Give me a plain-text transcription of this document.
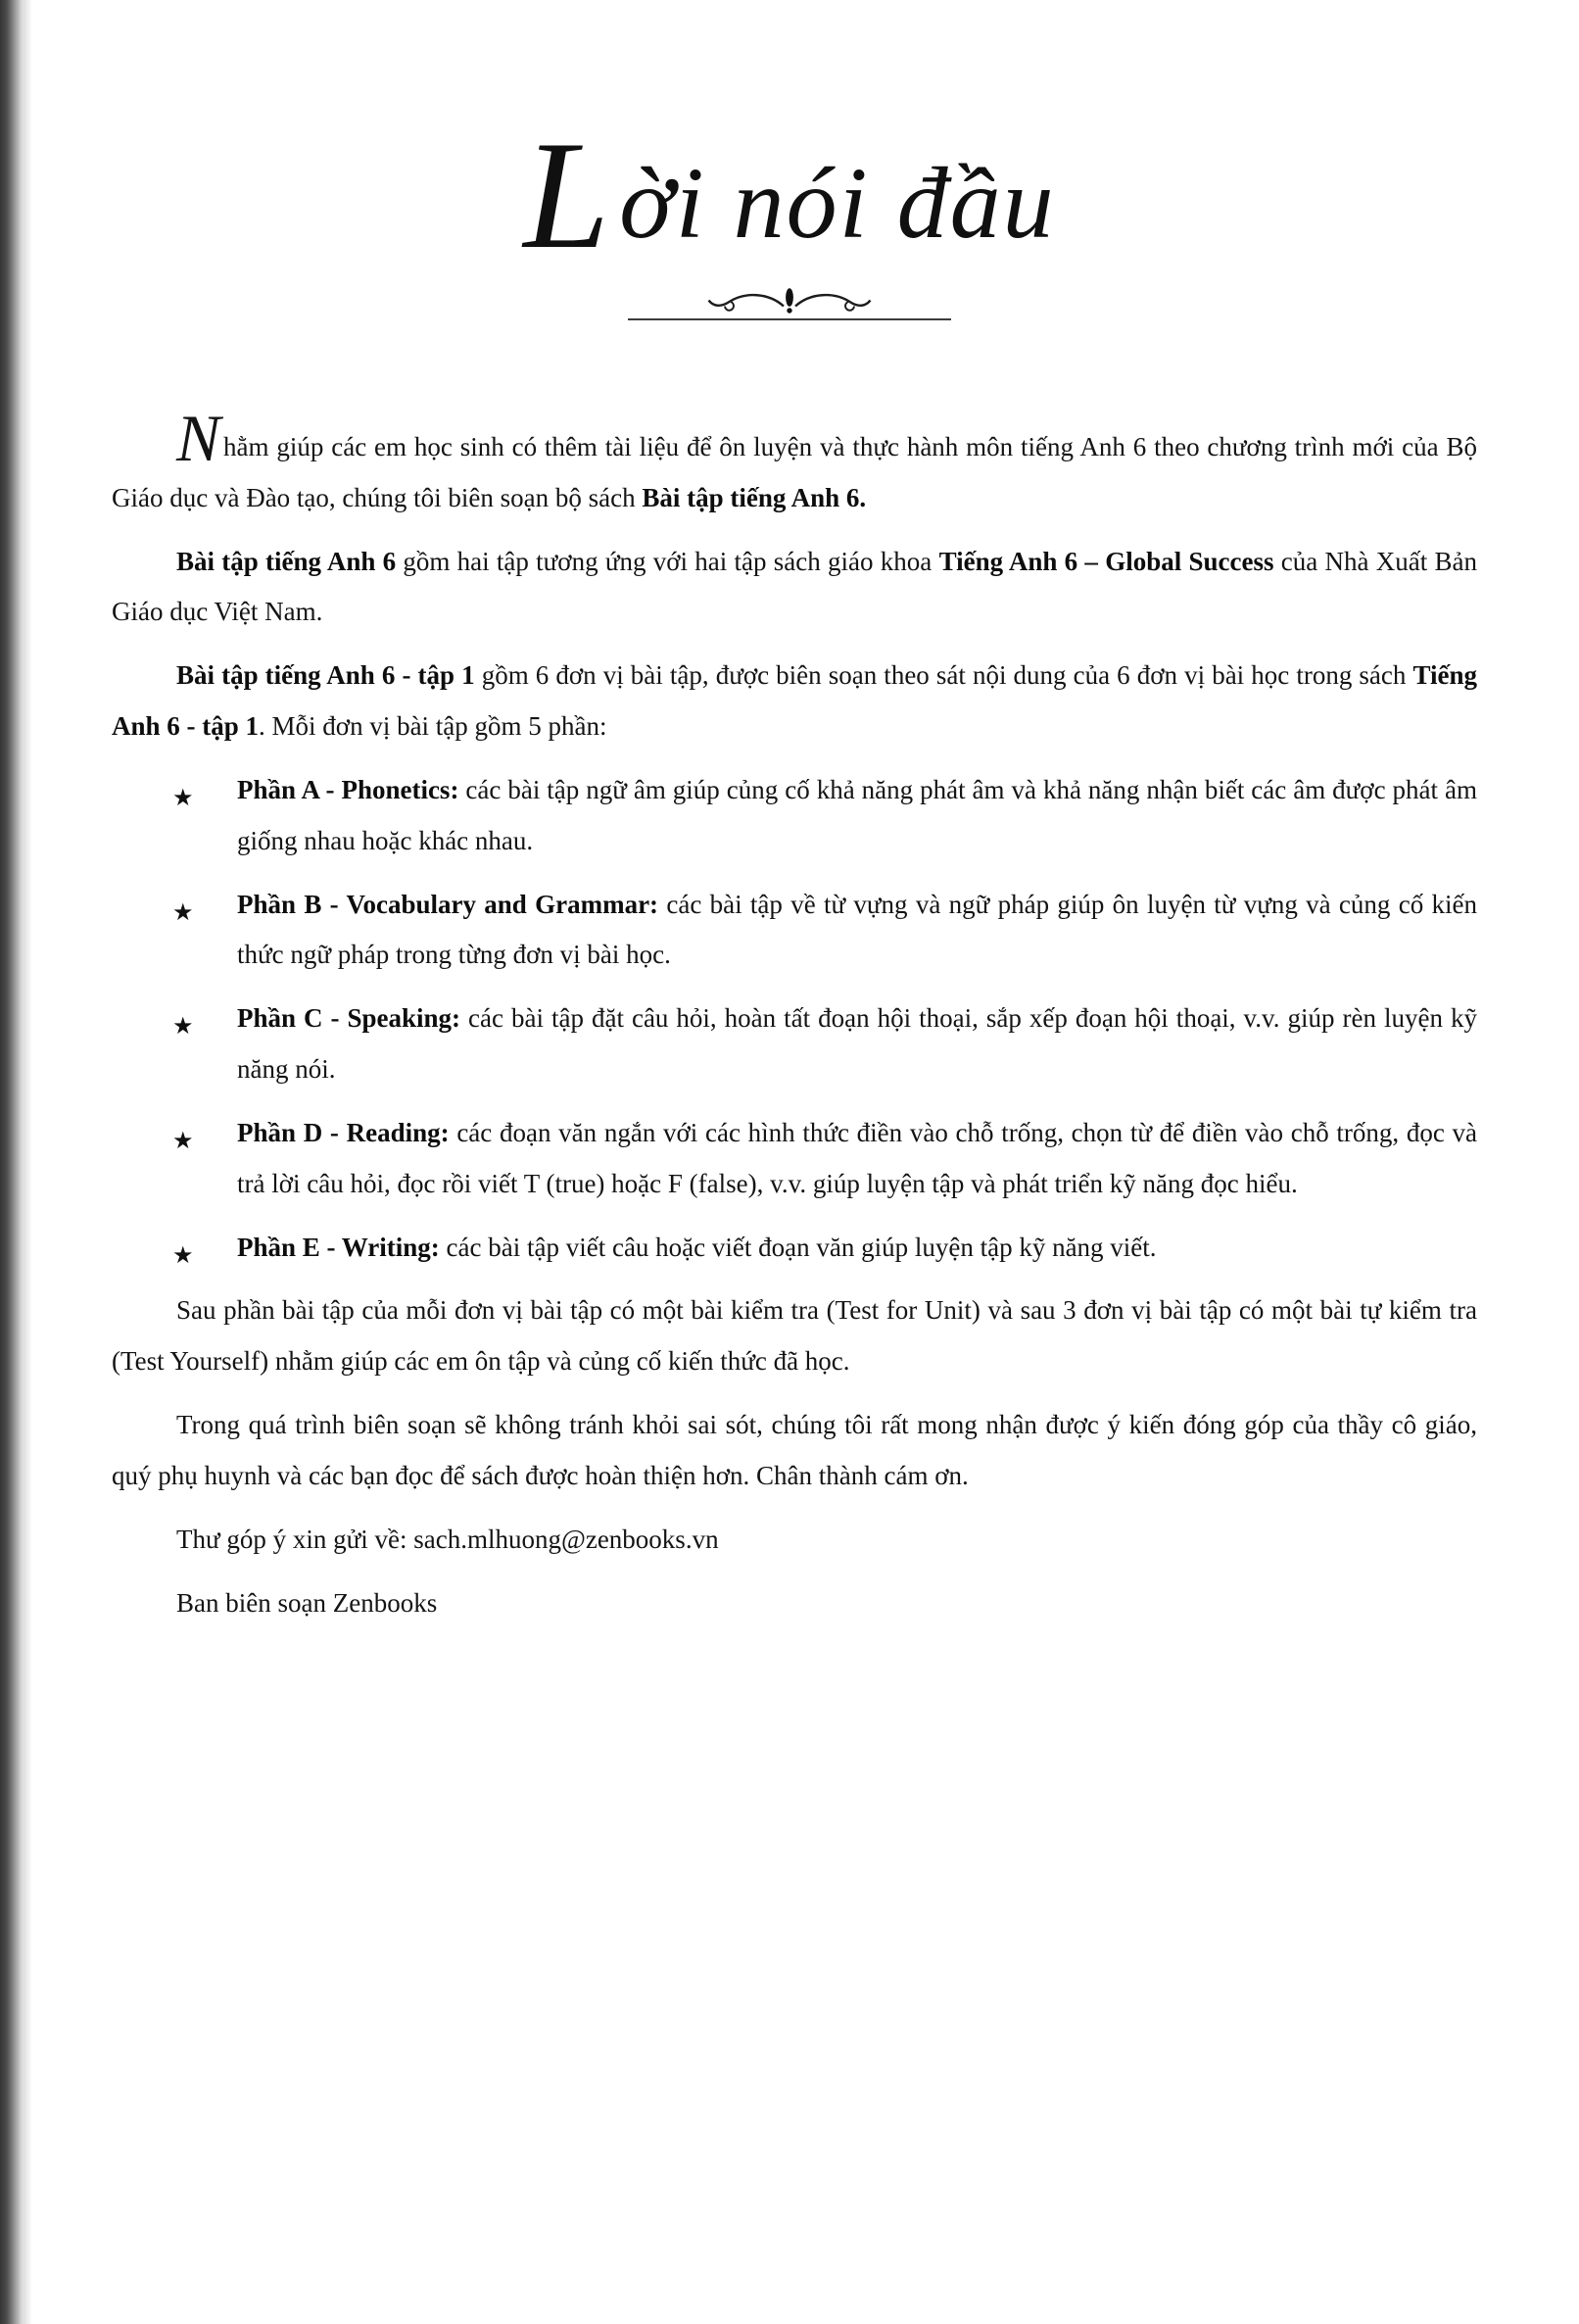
Lời nói đầu

Nhằm giúp các em học sinh có thêm tài liệu để ôn luyện và thực hành môn tiếng Anh 6 theo chương trình mới của Bộ Giáo dục và Đào tạo, chúng tôi biên soạn bộ sách Bài tập tiếng Anh 6.

Bài tập tiếng Anh 6 gồm hai tập tương ứng với hai tập sách giáo khoa Tiếng Anh 6 – Global Success của Nhà Xuất Bản Giáo dục Việt Nam.

Bài tập tiếng Anh 6 - tập 1 gồm 6 đơn vị bài tập, được biên soạn theo sát nội dung của 6 đơn vị bài học trong sách Tiếng Anh 6 - tập 1. Mỗi đơn vị bài tập gồm 5 phần:

★ Phần A - Phonetics: các bài tập ngữ âm giúp củng cố khả năng phát âm và khả năng nhận biết các âm được phát âm giống nhau hoặc khác nhau.
★ Phần B - Vocabulary and Grammar: các bài tập về từ vựng và ngữ pháp giúp ôn luyện từ vựng và củng cố kiến thức ngữ pháp trong từng đơn vị bài học.
★ Phần C - Speaking: các bài tập đặt câu hỏi, hoàn tất đoạn hội thoại, sắp xếp đoạn hội thoại, v.v. giúp rèn luyện kỹ năng nói.
★ Phần D - Reading: các đoạn văn ngắn với các hình thức điền vào chỗ trống, chọn từ để điền vào chỗ trống, đọc và trả lời câu hỏi, đọc rồi viết T (true) hoặc F (false), v.v. giúp luyện tập và phát triển kỹ năng đọc hiểu.
★ Phần E - Writing: các bài tập viết câu hoặc viết đoạn văn giúp luyện tập kỹ năng viết.

Sau phần bài tập của mỗi đơn vị bài tập có một bài kiểm tra (Test for Unit) và sau 3 đơn vị bài tập có một bài tự kiểm tra (Test Yourself) nhằm giúp các em ôn tập và củng cố kiến thức đã học.

Trong quá trình biên soạn sẽ không tránh khỏi sai sót, chúng tôi rất mong nhận được ý kiến đóng góp của thầy cô giáo, quý phụ huynh và các bạn đọc để sách được hoàn thiện hơn. Chân thành cám ơn.

Thư góp ý xin gửi về: sach.mlhuong@zenbooks.vn

Ban biên soạn Zenbooks
